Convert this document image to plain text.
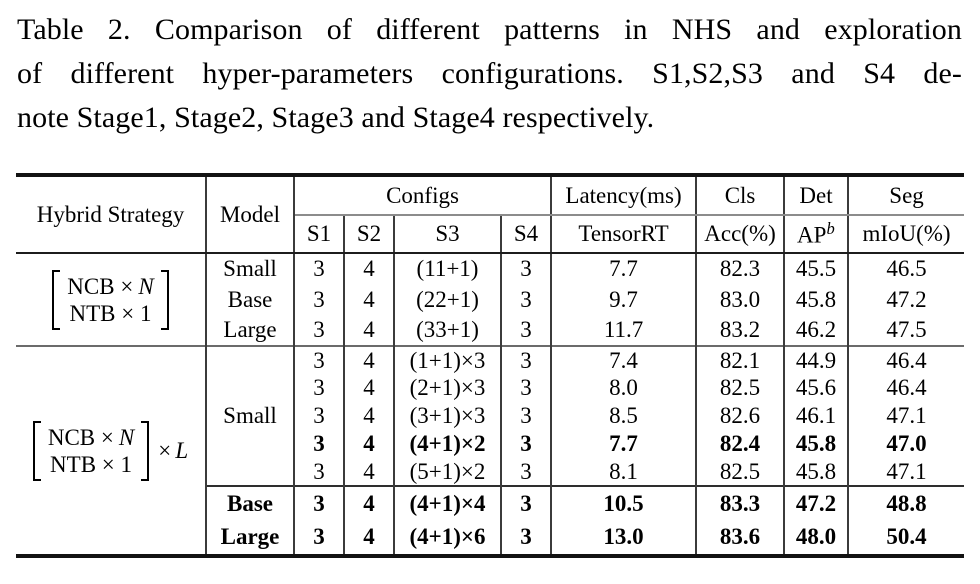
Table 2. Comparison of different patterns in NHS and exploration
of different hyper-parameters configurations. S1,S2,S3 and S4 de-
note Stage1, Stage2, Stage3 and Stage4 respectively.
Hybrid Strategy	Model	Configs				Latency(ms)	Cls	Det	Seg
		S1	S2	S3	S4	TensorRT	Acc(%)	$AP^b$	mIoU(%)

NCB × N
NTB × 1	Small	3	4	(11+1)	3	7.7	82.3	45.5	46.5
	Base	3	4	(22+1)	3	9.7	83.0	45.8	47.2
	Large	3	4	(33+1)	3	11.7	83.2	46.2	47.5

NCB × N
NTB × 1
× L	Small	3	4	(1+1)×3	3	7.4	82.1	44.9	46.4
		3	4	(2+1)×3	3	8.0	82.5	45.6	46.4
		3	4	(3+1)×3	3	8.5	82.6	46.1	47.1
		3	4	(4+1)×2	3	7.7	82.4	45.8	47.0
		3	4	(5+1)×2	3	8.1	82.5	45.8	47.1
	Base	3	4	(4+1)×4	3	10.5	83.3	47.2	48.8
	Large	3	4	(4+1)×6	3	13.0	83.6	48.0	50.4
